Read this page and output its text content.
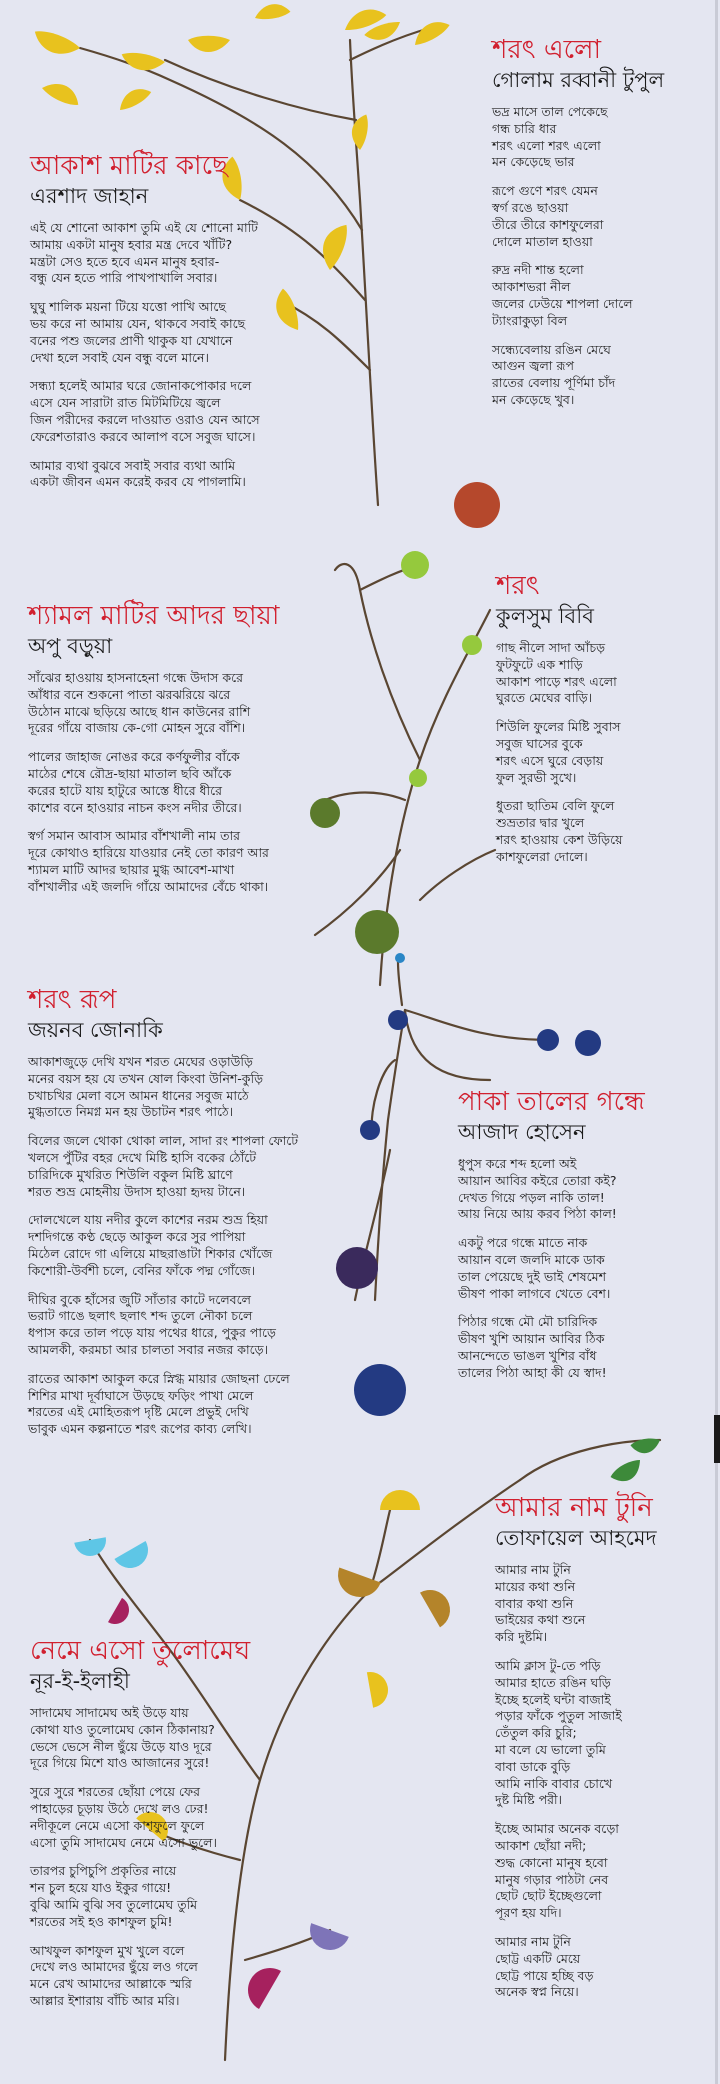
শরৎ এলো
গোলাম রব্বানী টুপুল
ভদ্র মাসে তাল পেকেছে
গন্ধ চারি ধার
শরৎ এলো শরৎ এলো
মন কেড়েছে ভার
রূপে গুণে শরৎ যেমন
স্বর্গ রঙে ছাওয়া
তীরে তীরে কাশফুলেরা
দোলে মাতাল হাওয়া
রুদ্র নদী শান্ত হলো
আকাশভরা নীল
জলের ঢেউয়ে শাপলা দোলে
ট্যাংরাকুড়া বিল
সন্ধ্যেবেলায় রঙিন মেঘে
আগুন জ্বলা রূপ
রাতের বেলায় পূর্ণিমা চাঁদ
মন কেড়েছে খুব।
আকাশ মাটির কাছে
এরশাদ জাহান
এই যে শোনো আকাশ তুমি এই যে শোনো মাটি
আমায় একটা মানুষ হবার মন্ত্র দেবে খাঁটি?
মন্ত্রটা সেও হতে হবে এমন মানুষ হবার-
বন্ধু যেন হতে পারি পাখপাখালি সবার।
ঘুঘু শালিক ময়না টিয়ে যত্তো পাখি আছে
ভয় করে না আমায় যেন, থাকবে সবাই কাছে
বনের পশু জলের প্রাণী থাকুক যা যেখানে
দেখা হলে সবাই যেন বন্ধু বলে মানে।
সন্ধ্যা হলেই আমার ঘরে জোনাকপোকার দলে
এসে যেন সারাটা রাত মিটমিটিয়ে জ্বলে
জিন পরীদের করলে দাওয়াত ওরাও যেন আসে
ফেরেশতারাও করবে আলাপ বসে সবুজ ঘাসে।
আমার ব্যথা বুঝবে সবাই সবার ব্যথা আমি
একটা জীবন এমন করেই করব যে পাগলামি।
শরৎ
কুলসুম বিবি
গাছ নীলে সাদা আঁচড়
ফুটফুটে এক শাড়ি
আকাশ পাড়ে শরৎ এলো
ঘুরতে মেঘের বাড়ি।
শিউলি ফুলের মিষ্টি সুবাস
সবুজ ঘাসের বুকে
শরৎ এসে ঘুরে বেড়ায়
ফুল সুরভী সুখে।
ধুতরা ছাতিম বেলি ফুলে
শুভ্রতার দ্বার খুলে
শরৎ হাওয়ায় কেশ উড়িয়ে
কাশফুলেরা দোলে।
শ্যামল মাটির আদর ছায়া
অপু বড়ুয়া
সাঁঝের হাওয়ায় হাসনাহেনা গন্ধে উদাস করে
আঁধার বনে শুকনো পাতা ঝরঝরিয়ে ঝরে
উঠোন মাঝে ছড়িয়ে আছে ধান কাউনের রাশি
দূরের গাঁয়ে বাজায় কে-গো মোহন সুরে বাঁশি।
পালের জাহাজ নোঙর করে কর্ণফুলীর বাঁকে
মাঠের শেষে রৌদ্র-ছায়া মাতাল ছবি আঁকে
করের হাটে যায় হাটুরে আস্তে ধীরে ধীরে
কাশের বনে হাওয়ার নাচন কংস নদীর তীরে।
স্বর্গ সমান আবাস আমার বাঁশখালী নাম তার
দূরে কোথাও হারিয়ে যাওয়ার নেই তো কারণ আর
শ্যামল মাটি আদর ছায়ার মুগ্ধ আবেশ-মাখা
বাঁশখালীর এই জলদি গাঁয়ে আমাদের বেঁচে থাকা।
শরৎ রূপ
জয়নব জোনাকি
আকাশজুড়ে দেখি যখন শরত মেঘের ওড়াউড়ি
মনের বয়স হয় যে তখন ষোল কিংবা উনিশ-কুড়ি
চখাচখির মেলা বসে আমন ধানের সবুজ মাঠে
মুগ্ধতাতে নিমগ্ন মন হয় উচাটন শরৎ পাঠে।
বিলের জলে থোকা থোকা লাল, সাদা রং শাপলা ফোটে
খলসে পুঁটির বহর দেখে মিষ্টি হাসি বকের ঠোঁটে
চারিদিকে মুখরিত শিউলি বকুল মিষ্টি ঘ্রাণে
শরত শুভ্র মোহনীয় উদাস হাওয়া হৃদয় টানে।
দোলখেলে যায় নদীর কুলে কাশের নরম শুভ্র হিয়া
দশদিগন্তে কণ্ঠ ছেড়ে আকুল করে সুর পাপিয়া
মিঠেল রোদে গা এলিয়ে মাছরাঙাটা শিকার খোঁজে
কিশোরী-উর্বশী চলে, বেনির ফাঁকে পদ্ম গোঁজে।
দীঘির বুকে হাঁসের জুটি সাঁতার কাটে দলেবলে
ভরাট গাঙে ছলাৎ ছলাৎ শব্দ তুলে নৌকা চলে
ধপাস করে তাল পড়ে যায় পথের ধারে, পুকুর পাড়ে
আমলকী, করমচা আর চালতা সবার নজর কাড়ে।
রাতের আকাশ আকুল করে স্নিগ্ধ মায়ার জোছনা ঢেলে
শিশির মাখা দূর্বাঘাসে উড়ছে ফড়িং পাখা মেলে
শরতের এই মোহিতরূপ দৃষ্টি মেলে প্রভুই দেখি
ভাবুক এমন কল্পনাতে শরৎ রূপের কাব্য লেখি।
পাকা তালের গন্ধে
আজাদ হোসেন
ধুপুস করে শব্দ হলো অই
আয়ান আবির কইরে তোরা কই?
দেখত গিয়ে পড়ল নাকি তাল!
আয় নিয়ে আয় করব পিঠা কাল!
একটু পরে গন্ধে মাতে নাক
আয়ান বলে জলদি মাকে ডাক
তাল পেয়েছে দুই ভাই শেষমেশ
ভীষণ পাকা লাগবে খেতে বেশ।
পিঠার গন্ধে মৌ মৌ চারিদিক
ভীষণ খুশি আয়ান আবির ঠিক
আনন্দেতে ভাঙল খুশির বাঁধ
তালের পিঠা আহা কী যে স্বাদ!
আমার নাম টুনি
তোফায়েল আহমেদ
আমার নাম টুনি
মায়ের কথা শুনি
বাবার কথা শুনি
ভাইয়ের কথা শুনে
করি দুষ্টমি।
আমি ক্লাস টু-তে পড়ি
আমার হাতে রঙিন ঘড়ি
ইচ্ছে হলেই ঘন্টা বাজাই
পড়ার ফাঁকে পুতুল সাজাই
তেঁতুল করি চুরি;
মা বলে যে ভালো তুমি
বাবা ডাকে বুড়ি
আমি নাকি বাবার চোখে
দুষ্ট মিষ্টি পরী।
ইচ্ছে আমার অনেক বড়ো
আকাশ ছোঁয়া নদী;
শুদ্ধ কোনো মানুষ হবো
মানুষ গড়ার পাঠটা নেব
ছোট ছোট ইচ্ছেগুলো
পূরণ হয় যদি।
আমার নাম টুনি
ছোট্ট একটি মেয়ে
ছোট্ট পায়ে হচ্ছি বড়
অনেক স্বপ্ন নিয়ে।
নেমে এসো তুলোমেঘ
নূর-ই-ইলাহী
সাদামেঘ সাদামেঘ অই উড়ে যায়
কোথা যাও তুলোমেঘ কোন ঠিকানায়?
ভেসে ভেসে নীল ছুঁয়ে উড়ে যাও দূরে
দূরে গিয়ে মিশে যাও আজানের সুরে!
সুরে সুরে শরতের ছোঁয়া পেয়ে ফের
পাহাড়ের চূড়ায় উঠে দেখে লও ঢের!
নদীকূলে নেমে এসো কাশফুলে ফুলে
এসো তুমি সাদামেঘ নেমে এসো ভুলে।
তারপর চুপিচুপি প্রকৃতির নায়ে
শন চুল হয়ে যাও ইকুর গায়ে!
বুঝি আমি বুঝি সব তুলোমেঘ তুমি
শরতের সই হও কাশফুল চুমি!
আখফুল কাশফুল মুখ খুলে বলে
দেখে লও আমাদের ছুঁয়ে লও গলে
মনে রেখ আমাদের আল্লাকে স্মরি
আল্লার ইশারায় বাঁচি আর মরি।
